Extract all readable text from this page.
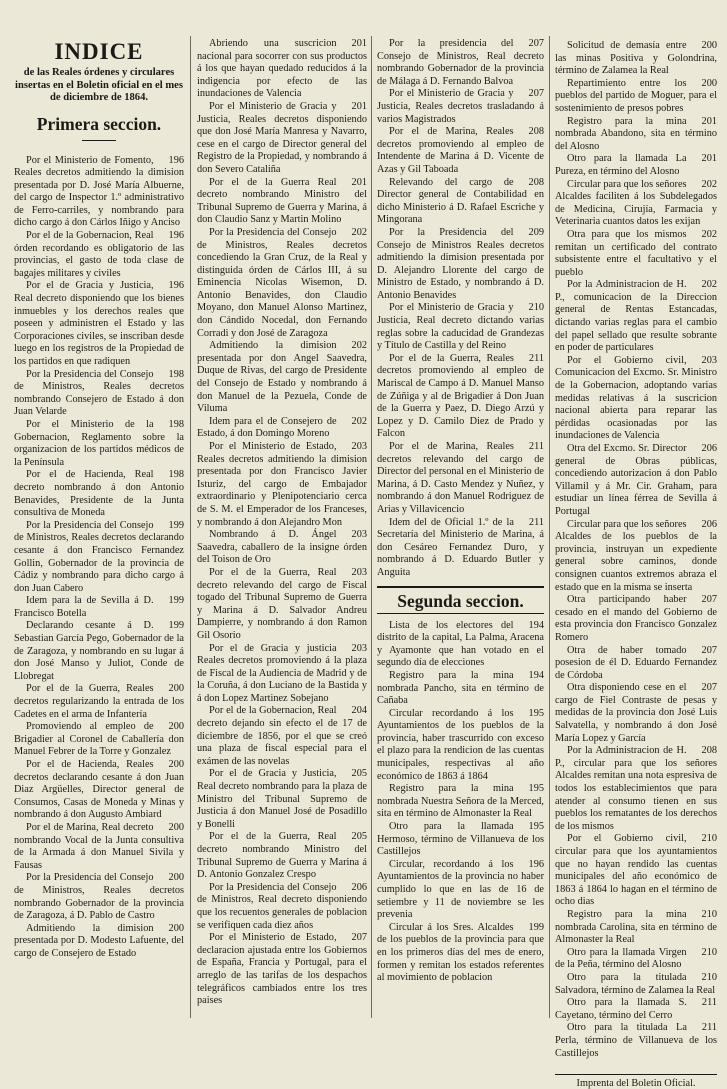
INDICE
de las Reales órdenes y circulares insertas en el Boletin oficial en el mes de diciembre de 1864.
Primera seccion.

196
Por el Ministerio de Fomento, Reales decretos admitiendo la dimision presentada por D. José María Albuerne, del cargo de Inspector 1.º administrativo de Ferro-carriles, y nombrando para dicho cargo á don Cárlos Iñigo y Anciso

196
Por el de la Gobernacion, Real órden recordando es obligatorio de las provincias, el gasto de toda clase de bagajes militares y civiles

196
Por el de Gracia y Justicia, Real decreto disponiendo que los bienes inmuebles y los derechos reales que poseen y administren el Estado y las Corporaciones civiles, se inscriban desde luego en los registros de la Propiedad de los partidos en que radiquen

198
Por la Presidencia del Consejo de Ministros, Reales decretos nombrando Consejero de Estado á don Juan Velarde

198
Por el Ministerio de la Gobernacion, Reglamento sobre la organizacion de los partidos médicos de la Península

198
Por el de Hacienda, Real decreto nombrando á don Antonio Benavides, Presidente de la Junta consultiva de Moneda

199
Por la Presidencia del Consejo de Ministros, Reales decretos declarando cesante á don Francisco Fernandez Gollin, Gobernador de la provincia de Cádiz y nombrando para dicho cargo á don Juan Cabero

199
Idem para la de Sevilla á D. Francisco Botella

199
Declarando cesante á D. Sebastian García Pego, Gobernador de la de Zaragoza, y nombrando en su lugar á don José Manso y Juliot, Conde de Llobregat

200
Por el de la Guerra, Reales decretos regularizando la entrada de los Cadetes en el arma de Infantería

200
Promoviendo al empleo de Brigadier al Coronel de Caballería don Manuel Febrer de la Torre y Gonzalez

200
Por el de Hacienda, Reales decretos declarando cesante á don Juan Diaz Argüelles, Director general de Consumos, Casas de Moneda y Minas y nombrando á don Augusto Ambiard

200
Por el de Marina, Real decreto nombrando Vocal de la Junta consultiva de la Armada á don Manuel Sivila y Fausas

200
Por la Presidencia del Consejo de Ministros, Reales decretos nombrando Gobernador de la provincia de Zaragoza, á D. Pablo de Castro

200
Admitiendo la dimision presentada por D. Modesto Lafuente, del cargo de Consejero de Estado

201
Abriendo una suscricion nacional para socorrer con sus productos á los que hayan quedado reducidos á la indigencia por efecto de las inundaciones de Valencia

201
Por el Ministerio de Gracia y Justicia, Reales decretos disponiendo que don José María Manresa y Navarro, cese en el cargo de Director general del Registro de la Propiedad, y nombrando á don Severo Cataliña

201
Por el de la Guerra Real decreto nombrando Ministro del Tribunal Supremo de Guerra y Marina, á don Claudio Sanz y Martin Molino

202
Por la Presidencia del Consejo de Ministros, Reales decretos concediendo la Gran Cruz, de la Real y distinguida órden de Cárlos III, á su Eminencia Nicolas Wisemon, D. Antonio Benavides, don Claudio Moyano, don Manuel Alonso Martinez, don Cándido Nocedal, don Fernando Corradi y don José de Zaragoza

202
Admitiendo la dimision presentada por don Angel Saavedra, Duque de Rivas, del cargo de Presidente del Consejo de Estado y nombrando á don Manuel de la Pezuela, Conde de Viluma

202
Idem para el de Consejero de Estado, á don Domingo Moreno

203
Por el Ministerio de Estado, Reales decretos admitiendo la dimision presentada por don Francisco Javier Isturiz, del cargo de Embajador extraordinario y Plenipotenciario cerca de S. M. el Emperador de los Franceses, y nombrando á don Alejandro Mon

203
Nombrando á D. Ángel Saavedra, caballero de la insigne órden del Toison de Oro

203
Por el de la Guerra, Real decreto relevando del cargo de Fiscal togado del Tribunal Supremo de Guerra y Marina á D. Salvador Andreu Dampierre, y nombrando á don Ramon Gil Osorio

203
Por el de Gracia y justicia Reales decretos promoviendo á la plaza de Fiscal de la Audiencia de Madrid y de la Coruña, á don Luciano de la Bastida y á don Lopez Martinez Sobejano

204
Por el de la Gobernacion, Real decreto dejando sin efecto el de 17 de diciembre de 1856, por el que se creó una plaza de fiscal especial para el exámen de las novelas

205
Por el de Gracia y Justicia, Real decreto nombrando para la plaza de Ministro del Tribunal Supremo de Justicia á don Manuel José de Posadillo y Bonelli

205
Por el de la Guerra, Real decreto nombrando Ministro del Tribunal Supremo de Guerra y Marina á D. Antonio Gonzalez Crespo

206
Por la Presidencia del Consejo de Ministros, Real decreto disponiendo que los recuentos generales de poblacion se verifiquen cada diez años

207
Por el Ministerio de Estado, declaracion ajustada entre los Gobiernos de España, Francia y Portugal, para el arreglo de las tarifas de los despachos telegráficos cambiados entre los tres paises

207
Por la presidencia del Consejo de Ministros, Real decreto nombrando Gobernador de la provincia de Málaga á D. Fernando Balvoa

207
Por el Ministerio de Gracia y Justicia, Reales decretos trasladando á varios Magistrados

208
Por el de Marina, Reales decretos promoviendo al empleo de Intendente de Marina á D. Vicente de Azas y Gil Taboada

208
Relevando del cargo de Director general de Contabilidad en dicho Ministerio á D. Rafael Escriche y Mingorana

209
Por la Presidencia del Consejo de Ministros Reales decretos admitiendo la dimision presentada por D. Alejandro Llorente del cargo de Ministro de Estado, y nombrando á D. Antonio Benavides

210
Por el Ministerio de Gracia y Justicia, Real decreto dictando varias reglas sobre la caducidad de Grandezas y Título de Castilla y del Reino

211
Por el de la Guerra, Reales decretos promoviendo al empleo de Mariscal de Campo á D. Manuel Manso de Zúñiga y al de Brigadier á Don Juan de la Guerra y Paez, D. Diego Arzú y Lopez y D. Camilo Diez de Prado y Falcon

211
Por el de Marina, Reales decretos relevando del cargo de Director del personal en el Ministerio de Marina, á D. Casto Mendez y Nuñez, y nombrando á don Manuel Rodriguez de Arias y Villavicencio

211
Idem del de Oficial 1.º de la Secretaría del Ministerio de Marina, á don Cesáreo Fernandez Duro, y nombrando á D. Eduardo Butler y Anguita

Segunda seccion.

194
Lista de los electores del distrito de la capital, La Palma, Aracena y Ayamonte que han votado en el segundo día de elecciones

194
Registro para la mina nombrada Pancho, sita en término de Cañaba

195
Circular recordando á los Ayuntamientos de los pueblos de la provincia, haber trascurrido con exceso el plazo para la rendicion de las cuentas municipales, respectivas al año económico de 1863 á 1864

195
Registro para la mina nombrada Nuestra Señora de la Merced, sita en término de Almonaster la Real

195
Otro para la llamada Hermoso, término de Villanueva de los Castillejos

196
Circular, recordando á los Ayuntamientos de la provincia no haber cumplido lo que en las de 16 de setiembre y 11 de noviembre se les prevenia

199
Circular á los Sres. Alcaldes de los pueblos de la provincia para que en los primeros días del mes de enero, formen y remitan los estados referentes al movimiento de poblacion

200
Solicitud de demasía entre las minas Positiva y Golondrina, término de Zalamea la Real

200
Repartimiento entre los pueblos del partido de Moguer, para el sostenimiento de presos pobres

201
Registro para la mina nombrada Abandono, sita en término del Alosno

201
Otro para la llamada La Pureza, en término del Alosno

202
Circular para que los señores Alcaldes faciliten á los Subdelegados de Medicina, Cirujía, Farmacia y Veterinaria cuantos datos les exijan

202
Otra para que los mismos remitan un certificado del contrato subsistente entre el facultativo y el pueblo

202
Por la Administracion de H. P., comunicacion de la Direccion general de Rentas Estancadas, dictando varias reglas para el cambio del papel sellado que resulte sobrante en poder de particulares

203
Por el Gobierno civil, Comunicacion del Excmo. Sr. Ministro de la Gobernacion, adoptando varias medidas relativas á la suscricion nacional abierta para reparar las pérdidas ocasionadas por las inundaciones de Valencia

206
Otra del Excmo. Sr. Director general de Obras públicas, concediendo autorizacion á don Pablo Villamil y á Mr. Cir. Graham, para estudiar un línea férrea de Sevilla á Portugal

206
Circular para que los señores Alcaldes de los pueblos de la provincia, instruyan un expediente general sobre caminos, donde consignen cuantos extremos abraza el estado que en la misma se inserta

207
Otra participando haber cesado en el mando del Gobierno de esta provincia don Francisco Gonzalez Romero

207
Otra de haber tomado posesion de él D. Eduardo Fernandez de Córdoba

207
Otra disponiendo cese en el cargo de Fiel Contraste de pesas y medidas de la provincia don José Luis Salvatella, y nombrando á don José María Lopez y García

208
Por la Administracion de H. P., circular para que los señores Alcaldes remitan una nota espresiva de todos los establecimientos que para atender al consumo tienen en sus pueblos los rematantes de los derechos de los mismos

210
Por el Gobierno civil, circular para que los ayuntamientos que no hayan rendido las cuentas municipales del año económico de 1863 á 1864 lo hagan en el término de ocho dias

210
Registro para la mina nombrada Carolina, sita en término de Almonaster la Real

210
Otro para la llamada Virgen de la Peña, término del Alosno

210
Otro para la titulada Salvadora, término de Zalamea la Real

211
Otro para la llamada S. Cayetano, término del Cerro

211
Otro para la titulada La Perla, término de Villanueva de los Castillejos

Imprenta del Boletin Oficial.
